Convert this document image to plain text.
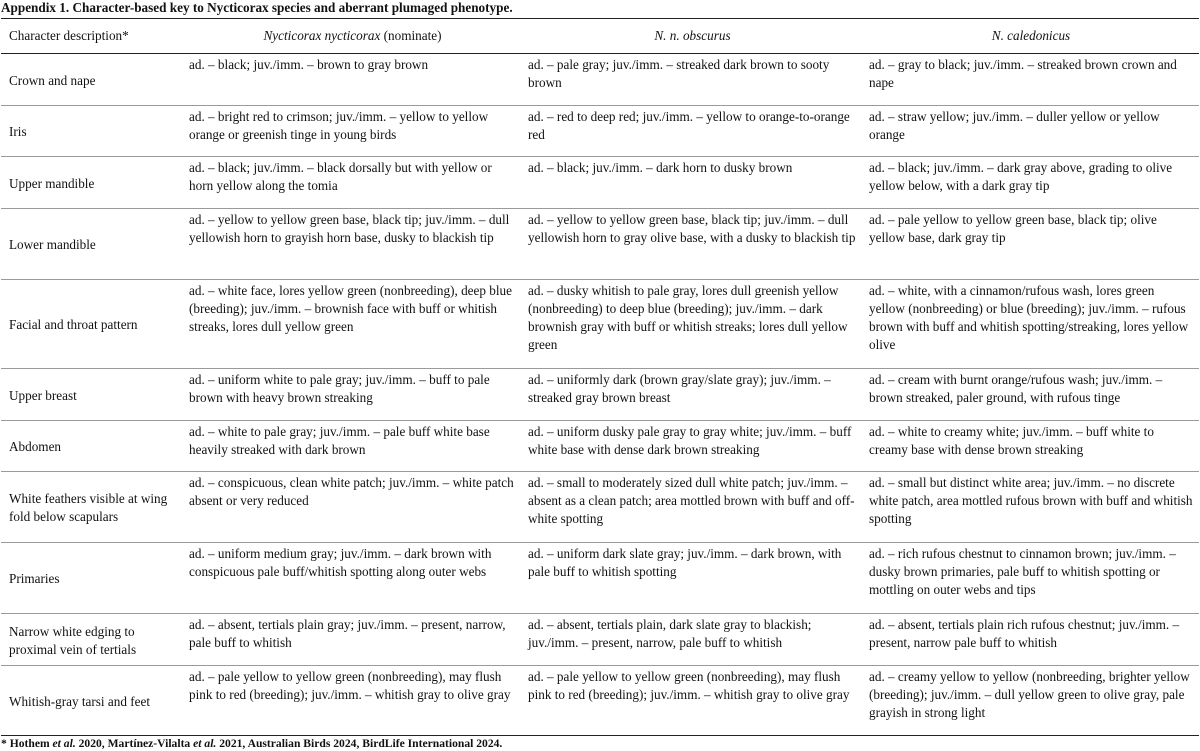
Appendix 1. Character-based key to Nycticorax species and aberrant plumaged phenotype.

Character description*	Nycticorax nycticorax (nominate)	N. n. obscurus	N. caledonicus
Crown and nape	ad. – black; juv./imm. – brown to gray brown	ad. – pale gray; juv./imm. – streaked dark brown to sooty brown	ad. – gray to black; juv./imm. – streaked brown crown and nape
Iris	ad. – bright red to crimson; juv./imm. – yellow to yellow orange or greenish tinge in young birds	ad. – red to deep red; juv./imm. – yellow to orange-to-orange red	ad. – straw yellow; juv./imm. – duller yellow or yellow orange
Upper mandible	ad. – black; juv./imm. – black dorsally but with yellow or horn yellow along the tomia	ad. – black; juv./imm. – dark horn to dusky brown	ad. – black; juv./imm. – dark gray above, grading to olive yellow below, with a dark gray tip
Lower mandible	ad. – yellow to yellow green base, black tip; juv./imm. – dull yellowish horn to grayish horn base, dusky to blackish tip	ad. – yellow to yellow green base, black tip; juv./imm. – dull yellowish horn to gray olive base, with a dusky to blackish tip	ad. – pale yellow to yellow green base, black tip; olive yellow base, dark gray tip
Facial and throat pattern	ad. – white face, lores yellow green (nonbreeding), deep blue (breeding); juv./imm. – brownish face with buff or whitish streaks, lores dull yellow green	ad. – dusky whitish to pale gray, lores dull greenish yellow (nonbreeding) to deep blue (breeding); juv./imm. – dark brownish gray with buff or whitish streaks; lores dull yellow green	ad. – white, with a cinnamon/rufous wash, lores green yellow (nonbreeding) or blue (breeding); juv./imm. – rufous brown with buff and whitish spotting/streaking, lores yellow olive
Upper breast	ad. – uniform white to pale gray; juv./imm. – buff to pale brown with heavy brown streaking	ad. – uniformly dark (brown gray/slate gray); juv./imm. – streaked gray brown breast	ad. – cream with burnt orange/rufous wash; juv./imm. – brown streaked, paler ground, with rufous tinge
Abdomen	ad. – white to pale gray; juv./imm. – pale buff white base heavily streaked with dark brown	ad. – uniform dusky pale gray to gray white; juv./imm. – buff white base with dense dark brown streaking	ad. – white to creamy white; juv./imm. – buff white to creamy base with dense brown streaking
White feathers visible at wing fold below scapulars	ad. – conspicuous, clean white patch; juv./imm. – white patch absent or very reduced	ad. – small to moderately sized dull white patch; juv./imm. – absent as a clean patch; area mottled brown with buff and off-white spotting	ad. – small but distinct white area; juv./imm. – no discrete white patch, area mottled rufous brown with buff and whitish spotting
Primaries	ad. – uniform medium gray; juv./imm. – dark brown with conspicuous pale buff/whitish spotting along outer webs	ad. – uniform dark slate gray; juv./imm. – dark brown, with pale buff to whitish spotting	ad. – rich rufous chestnut to cinnamon brown; juv./imm. – dusky brown primaries, pale buff to whitish spotting or mottling on outer webs and tips
Narrow white edging to proximal vein of tertials	ad. – absent, tertials plain gray; juv./imm. – present, narrow, pale buff to whitish	ad. – absent, tertials plain, dark slate gray to blackish; juv./imm. – present, narrow, pale buff to whitish	ad. – absent, tertials plain rich rufous chestnut; juv./imm. – present, narrow pale buff to whitish
Whitish-gray tarsi and feet	ad. – pale yellow to yellow green (nonbreeding), may flush pink to red (breeding); juv./imm. – whitish gray to olive gray	ad. – pale yellow to yellow green (nonbreeding), may flush pink to red (breeding); juv./imm. – whitish gray to olive gray	ad. – creamy yellow to yellow (nonbreeding, brighter yellow (breeding); juv./imm. – dull yellow green to olive gray, pale grayish in strong light

* Hothem et al. 2020, Martínez-Vilalta et al. 2021, Australian Birds 2024, BirdLife International 2024.
